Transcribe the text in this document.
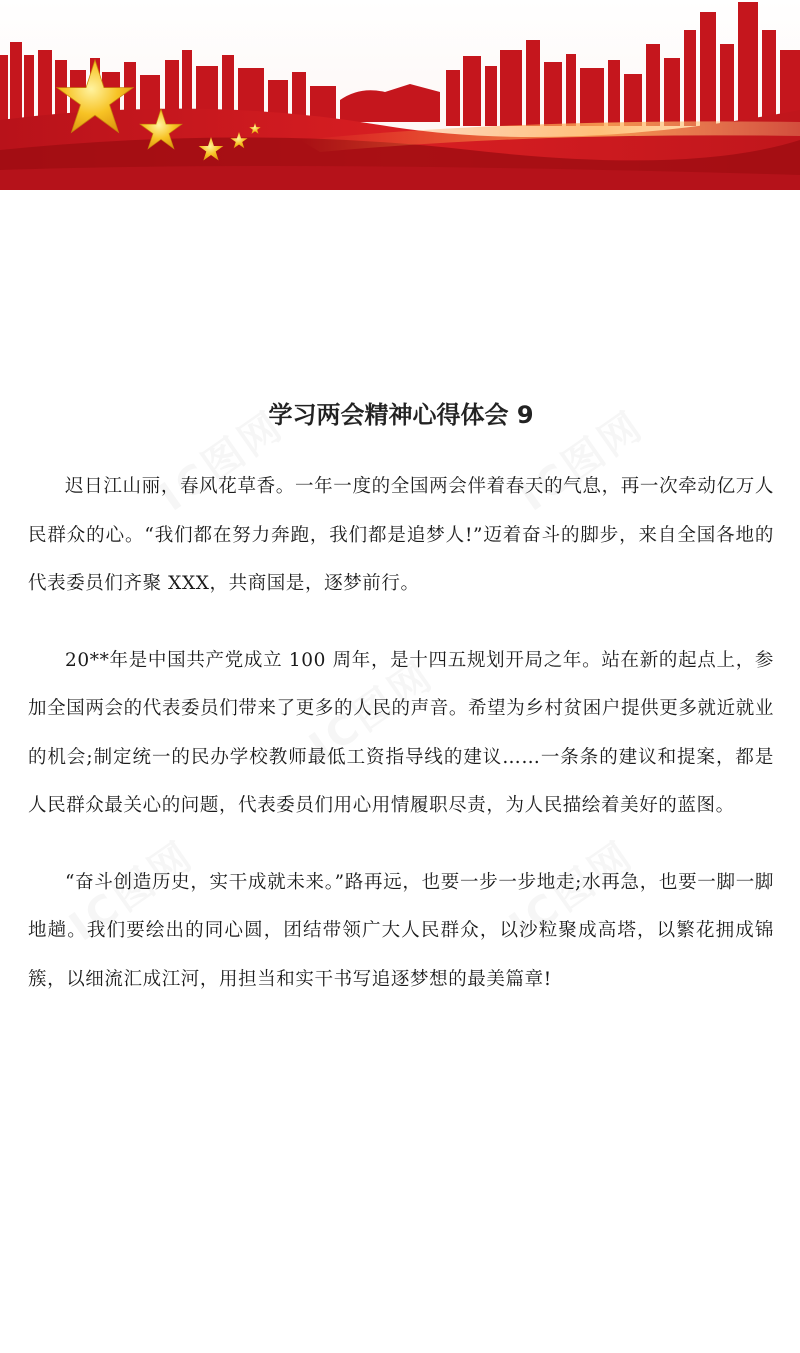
IC图网	IC图网
IC图网
IC图网	IC图网
学习两会精神心得体会 9

迟日江山丽，春风花草香。一年一度的全国两会伴着春天的气息，再一次牵动亿万人民群众的心。“我们都在努力奔跑，我们都是追梦人!”迈着奋斗的脚步，来自全国各地的代表委员们齐聚 XXX，共商国是，逐梦前行。

20**年是中国共产党成立 100 周年，是十四五规划开局之年。站在新的起点上，参加全国两会的代表委员们带来了更多的人民的声音。希望为乡村贫困户提供更多就近就业的机会;制定统一的民办学校教师最低工资指导线的建议……一条条的建议和提案，都是人民群众最关心的问题，代表委员们用心用情履职尽责，为人民描绘着美好的蓝图。

“奋斗创造历史，实干成就未来。”路再远，也要一步一步地走;水再急，也要一脚一脚地趟。我们要绘出的同心圆，团结带领广大人民群众，以沙粒聚成高塔，以繁花拥成锦簇，以细流汇成江河，用担当和实干书写追逐梦想的最美篇章!
